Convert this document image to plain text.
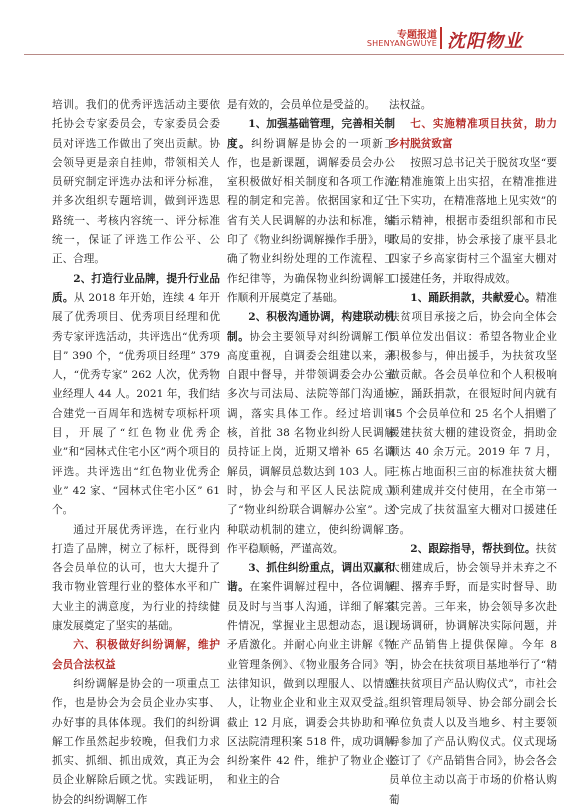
专题报道
SHENYANGWUYE 沈阳物业

培训。我们的优秀评选活动主要依托协会专家委员会，专家委员会委员对评选工作做出了突出贡献。协会领导更是亲自挂帅，带领相关人员研究制定评选办法和评分标准，并多次组织专题培训，做到评选思路统一、考核内容统一、评分标准统一，保证了评选工作公平、公正、合理。

2、打造行业品牌，提升行业品质。从 2018 年开始，连续 4 年开展了优秀项目、优秀项目经理和优秀专家评选活动，共评选出“优秀项目” 390 个，“优秀项目经理” 379 人，“优秀专家” 262 人次，优秀物业经理人 44 人。2021 年，我们结合建党一百周年和选树专项标杆项目，开展了“红色物业优秀企业”和“园林式住宅小区”两个项目的评选。共评选出“红色物业优秀企业” 42 家、“园林式住宅小区” 61 个。

通过开展优秀评选，在行业内打造了品牌，树立了标杆，既得到各会员单位的认可，也大大提升了我市物业管理行业的整体水平和广大业主的满意度，为行业的持续健康发展奠定了坚实的基础。

六、积极做好纠纷调解，维护会员合法权益

纠纷调解是协会的一项重点工作，也是协会为会员企业办实事、办好事的具体体现。我们的纠纷调解工作虽然起步较晚，但我们力求抓实、抓细、抓出成效，真正为会员企业解除后顾之忧。实践证明，协会的纠纷调解工作

是有效的，会员单位是受益的。

1、加强基础管理，完善相关制度。纠纷调解是协会的一项新工作，也是新课题，调解委员会办公室积极做好相关制度和各项工作流程的制定和完善。依据国家和辽宁省有关人民调解的办法和标准，编印了《物业纠纷调解操作手册》，明确了物业纠纷处理的工作流程、工作纪律等，为确保物业纠纷调解工作顺利开展奠定了基础。

2、积极沟通协调，构建联动机制。协会主要领导对纠纷调解工作高度重视，自调委会组建以来，亲自跟中督导，并带领调委会办公室多次与司法局、法院等部门沟通协调，落实具体工作。经过培训审核，首批 38 名物业纠纷人民调解员持证上岗，近期又增补 65 名调解员，调解员总数达到 103 人。同时，协会与和平区人民法院成立了“物业纠纷联合调解办公室”。这种联动机制的建立，使纠纷调解工作平稳顺畅，严谨高效。

3、抓住纠纷重点，调出双赢和谐。在案件调解过程中，各位调解员及时与当事人沟通，详细了解案件情况，掌握业主思想动态，退让矛盾激化。并耐心向业主讲解《物业管理条例》、《物业服务合同》等法律知识，做到以理服人、以情感人，让物业企业和业主双双受益。截止 12 月底，调委会共协助和平区法院清理积案 518 件，成功调解纠纷案件 42 件，维护了物业企业和业主的合

法权益。

七、实施精准项目扶贫，助力乡村脱贫致富

按照习总书记关于脱贫攻坚“要在精准施策上出实招，在精准推进上下实功，在精准落地上见实效”的指示精神，根据市委组织部和市民政局的安排，协会承接了康平县北四家子乡高家街村三个温室大棚对口援建任务，并取得成效。

1、踊跃捐款，共献爱心。精准扶贫项目承接之后，协会向全体会员单位发出倡议：希望各物业企业积极参与，伸出援手，为扶贫攻坚做贡献。各会员单位和个人积极响应，踊跃捐款，在很短时间内就有 45 个会员单位和 25 名个人捐赠了援建扶贫大棚的建设资金，捐助金额达 40 余万元。2019 年 7 月，三栋占地面积三亩的标准扶贫大棚顺利建成并交付使用，在全市第一个完成了扶贫温室大棚对口援建任务。

2、跟踪指导，帮扶到位。扶贫大棚建成后，协会领导并未弃之不理、撂弃手野，而是实时督导、助其完善。三年来，协会领导多次赴现场调研，协调解决实际问题，并在产品销售上提供保障。今年 8 月，协会在扶贫项目基地举行了“精准扶贫项目产品认购仪式”，市社会组织管理局领导、协会部分副会长单位负责人以及当地乡、村主要领导参加了产品认购仪式。仪式现场签订了《产品销售合同》，协会各会员单位主动以高于市场的价格认购葡
